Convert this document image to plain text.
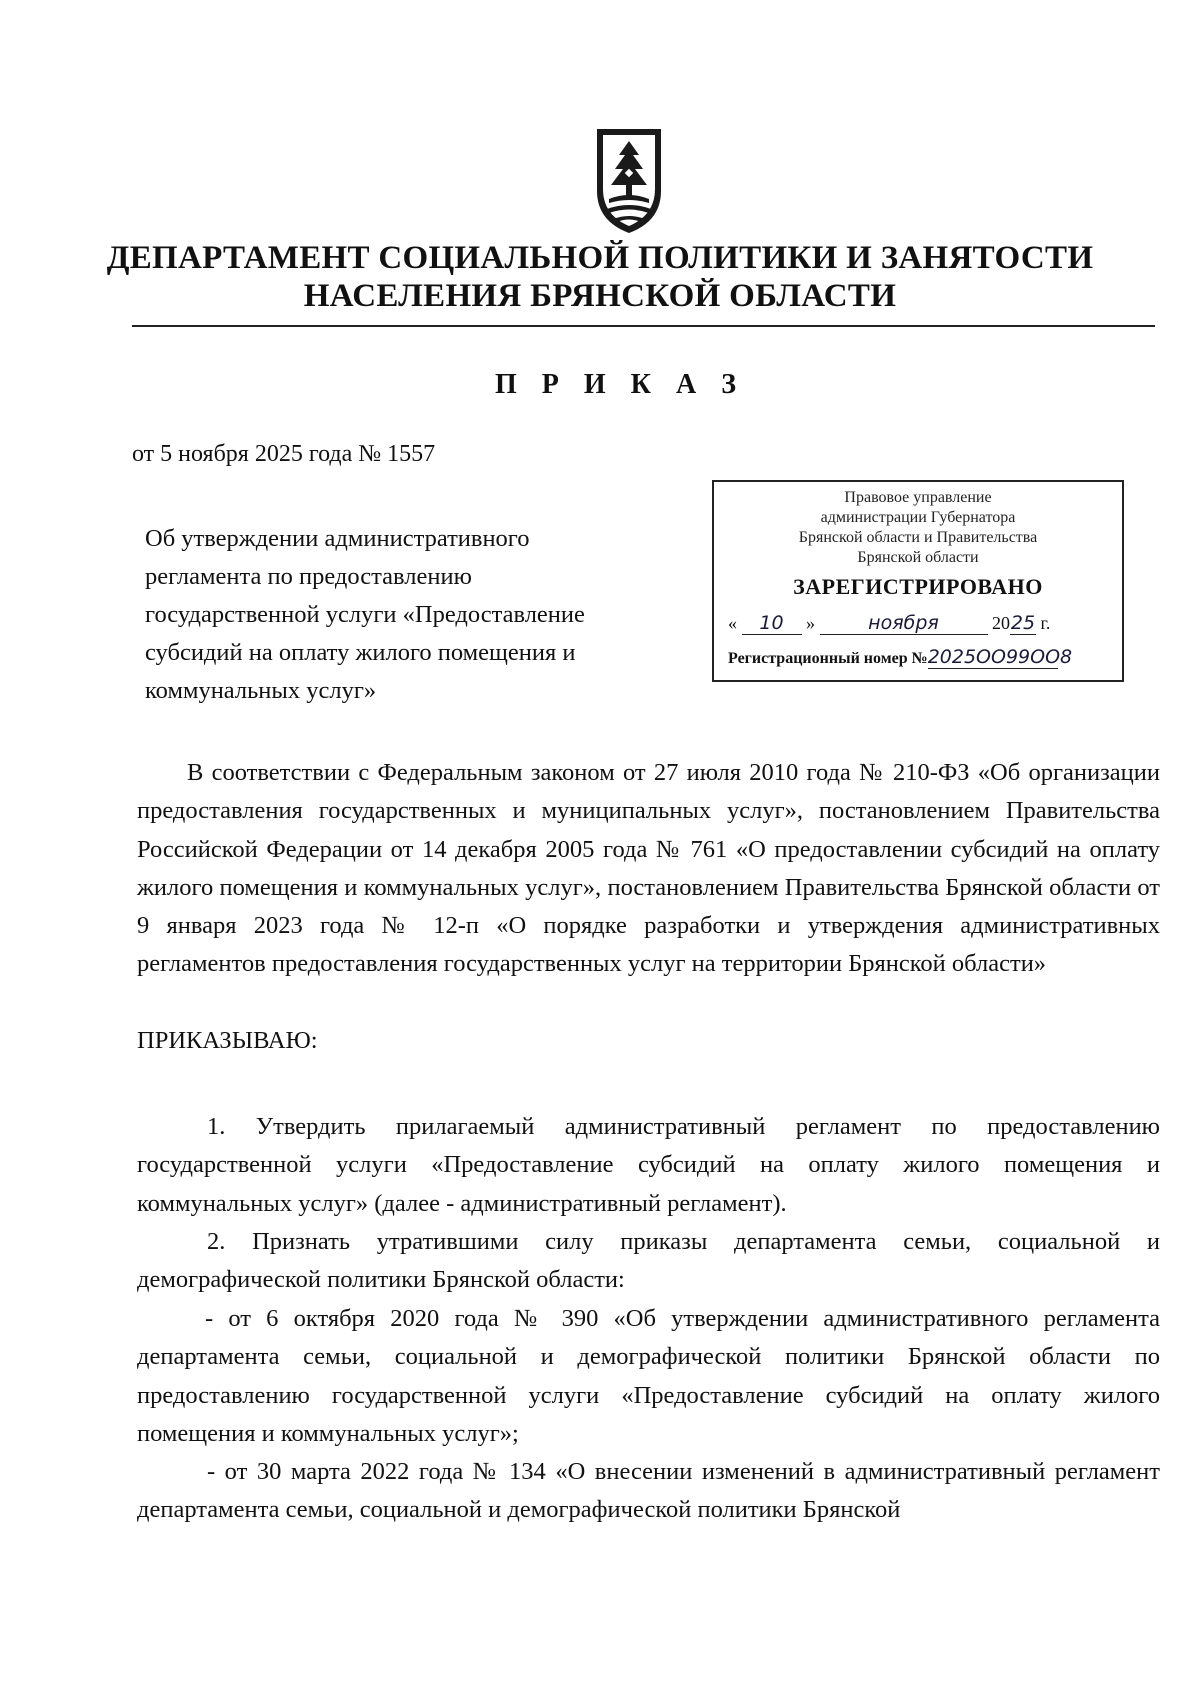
ДЕПАРТАМЕНТ СОЦИАЛЬНОЙ ПОЛИТИКИ И ЗАНЯТОСТИ
НАСЕЛЕНИЯ БРЯНСКОЙ ОБЛАСТИ
П Р И К А З
от 5 ноября 2025 года № 1557
Об утверждении административного
регламента по предоставлению
государственной услуги «Предоставление
субсидий на оплату жилого помещения и
коммунальных услуг»
Правовое управление
администрации Губернатора
Брянской области и Правительства
Брянской области
ЗАРЕГИСТРИРОВАНО
« 10 »	ноября	2025 г.
Регистрационный номер №2025ОО99ОО8
В соответствии с Федеральным законом от 27 июля 2010 года № 210-ФЗ «Об организации предоставления государственных и муниципальных услуг», постановлением Правительства Российской Федерации от 14 декабря 2005 года № 761 «О предоставлении субсидий на оплату жилого помещения и коммунальных услуг», постановлением Правительства Брянской области от 9 января 2023 года № 12-п «О порядке разработки и утверждения административных регламентов предоставления государственных услуг на территории Брянской области»
ПРИКАЗЫВАЮ:
1. Утвердить прилагаемый административный регламент по предоставлению государственной услуги «Предоставление субсидий на оплату жилого помещения и коммунальных услуг» (далее - административный регламент).
2. Признать утратившими силу приказы департамента семьи, социальной и демографической политики Брянской области:
- от 6 октября 2020 года № 390 «Об утверждении административного регламента департамента семьи, социальной и демографической политики Брянской области по предоставлению государственной услуги «Предоставление субсидий на оплату жилого помещения и коммунальных услуг»;
- от 30 марта 2022 года № 134 «О внесении изменений в административный регламент департамента семьи, социальной и демографической политики Брянской
